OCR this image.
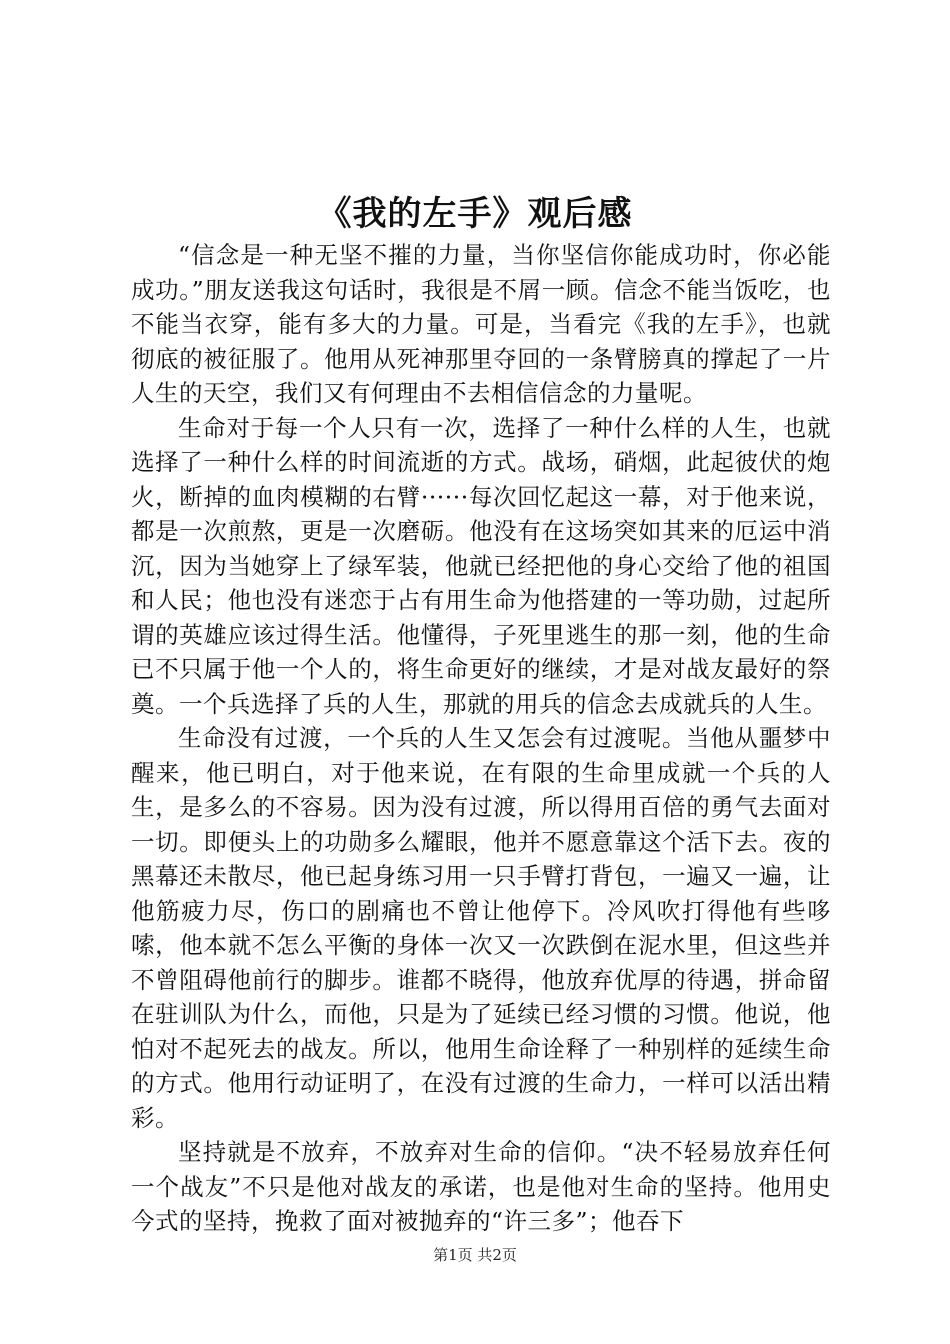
《我的左手》观后感

“信念是一种无坚不摧的力量，当你坚信你能成功时，你必能成功。”朋友送我这句话时，我很是不屑一顾。信念不能当饭吃，也不能当衣穿，能有多大的力量。可是，当看完《我的左手》，也就彻底的被征服了。他用从死神那里夺回的一条臂膀真的撑起了一片人生的天空，我们又有何理由不去相信信念的力量呢。

生命对于每一个人只有一次，选择了一种什么样的人生，也就选择了一种什么样的时间流逝的方式。战场，硝烟，此起彼伏的炮火，断掉的血肉模糊的右臂······每次回忆起这一幕，对于他来说，都是一次煎熬，更是一次磨砺。他没有在这场突如其来的厄运中消沉，因为当她穿上了绿军装，他就已经把他的身心交给了他的祖国和人民；他也没有迷恋于占有用生命为他搭建的一等功勋，过起所谓的英雄应该过得生活。他懂得，子死里逃生的那一刻，他的生命已不只属于他一个人的，将生命更好的继续，才是对战友最好的祭奠。一个兵选择了兵的人生，那就的用兵的信念去成就兵的人生。

生命没有过渡，一个兵的人生又怎会有过渡呢。当他从噩梦中醒来，他已明白，对于他来说，在有限的生命里成就一个兵的人生，是多么的不容易。因为没有过渡，所以得用百倍的勇气去面对一切。即便头上的功勋多么耀眼，他并不愿意靠这个活下去。夜的黑幕还未散尽，他已起身练习用一只手臂打背包，一遍又一遍，让他筋疲力尽，伤口的剧痛也不曾让他停下。冷风吹打得他有些哆嗦，他本就不怎么平衡的身体一次又一次跌倒在泥水里，但这些并不曾阻碍他前行的脚步。谁都不晓得，他放弃优厚的待遇，拼命留在驻训队为什么，而他，只是为了延续已经习惯的习惯。他说，他怕对不起死去的战友。所以，他用生命诠释了一种别样的延续生命的方式。他用行动证明了，在没有过渡的生命力，一样可以活出精彩。

坚持就是不放弃，不放弃对生命的信仰。“决不轻易放弃任何一个战友”不只是他对战友的承诺，也是他对生命的坚持。他用史今式的坚持，挽救了面对被抛弃的“许三多”；他吞下

第1页 共2页
